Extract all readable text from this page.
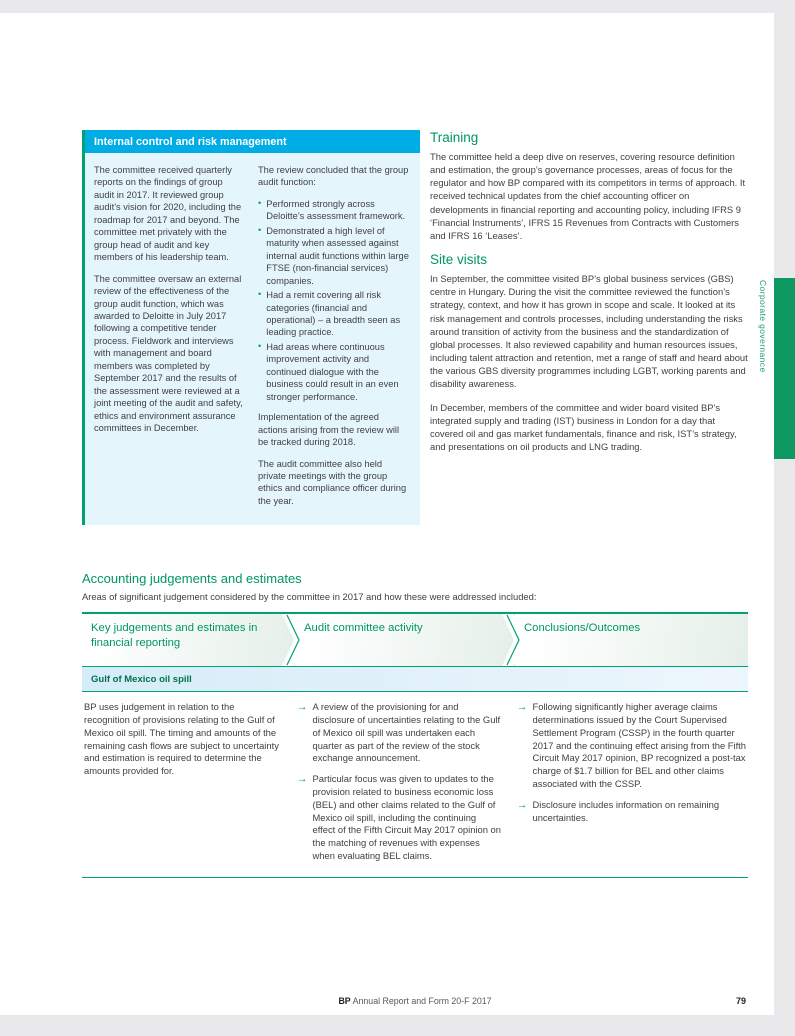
Internal control and risk management

The committee received quarterly reports on the findings of group audit in 2017. It reviewed group audit’s vision for 2020, including the roadmap for 2017 and beyond. The committee met privately with the group head of audit and key members of his leadership team.

The committee oversaw an external review of the effectiveness of the group audit function, which was awarded to Deloitte in July 2017 following a competitive tender process. Fieldwork and interviews with management and board members was completed by September 2017 and the results of the assessment were reviewed at a joint meeting of the audit and safety, ethics and environment assurance committees in December.

The review concluded that the group audit function:

• Performed strongly across Deloitte’s assessment framework.
• Demonstrated a high level of maturity when assessed against internal audit functions within large FTSE (non-financial services) companies.
• Had a remit covering all risk categories (financial and operational) – a breadth seen as leading practice.
• Had areas where continuous improvement activity and continued dialogue with the business could result in an even stronger performance.

Implementation of the agreed actions arising from the review will be tracked during 2018.

The audit committee also held private meetings with the group ethics and compliance officer during the year.

Training

The committee held a deep dive on reserves, covering resource definition and estimation, the group’s governance processes, areas of focus for the regulator and how BP compared with its competitors in terms of approach. It received technical updates from the chief accounting officer on developments in financial reporting and accounting policy, including IFRS 9 ‘Financial Instruments’, IFRS 15 Revenues from Contracts with Customers and IFRS 16 ‘Leases’.

Site visits

In September, the committee visited BP’s global business services (GBS) centre in Hungary. During the visit the committee reviewed the function’s strategy, context, and how it has grown in scope and scale. It looked at its risk management and controls processes, including understanding the risks around transition of activity from the business and the standardization of global processes. It also reviewed capability and human resources issues, including talent attraction and retention, met a range of staff and heard about the various GBS diversity programmes including LGBT, working parents and disability awareness.

In December, members of the committee and wider board visited BP’s integrated supply and trading (IST) business in London for a day that covered oil and gas market fundamentals, finance and risk, IST’s strategy, and presentations on oil products and LNG trading.

Accounting judgements and estimates

Areas of significant judgement considered by the committee in 2017 and how these were addressed included:

Key judgements and estimates in financial reporting
Audit committee activity	Conclusions/Outcomes
Gulf of Mexico oil spill
BP uses judgement in relation to the recognition of provisions relating to the Gulf of Mexico oil spill. The timing and amounts of the remaining cash flows are subject to uncertainty and estimation is required to determine the amounts provided for.
→ A review of the provisioning for and disclosure of uncertainties relating to the Gulf of Mexico oil spill was undertaken each quarter as part of the review of the stock exchange announcement.
→ Particular focus was given to updates to the provision related to business economic loss (BEL) and other claims related to the Gulf of Mexico oil spill, including the continuing effect of the Fifth Circuit May 2017 opinion on the matching of revenues with expenses when evaluating BEL claims.
→ Following significantly higher average claims determinations issued by the Court Supervised Settlement Program (CSSP) in the fourth quarter 2017 and the continuing effect arising from the Fifth Circuit May 2017 opinion, BP recognized a post-tax charge of $1.7 billion for BEL and other claims associated with the CSSP.
→ Disclosure includes information on remaining uncertainties.
BP Annual Report and Form 20-F 2017	79
Corporate governance
